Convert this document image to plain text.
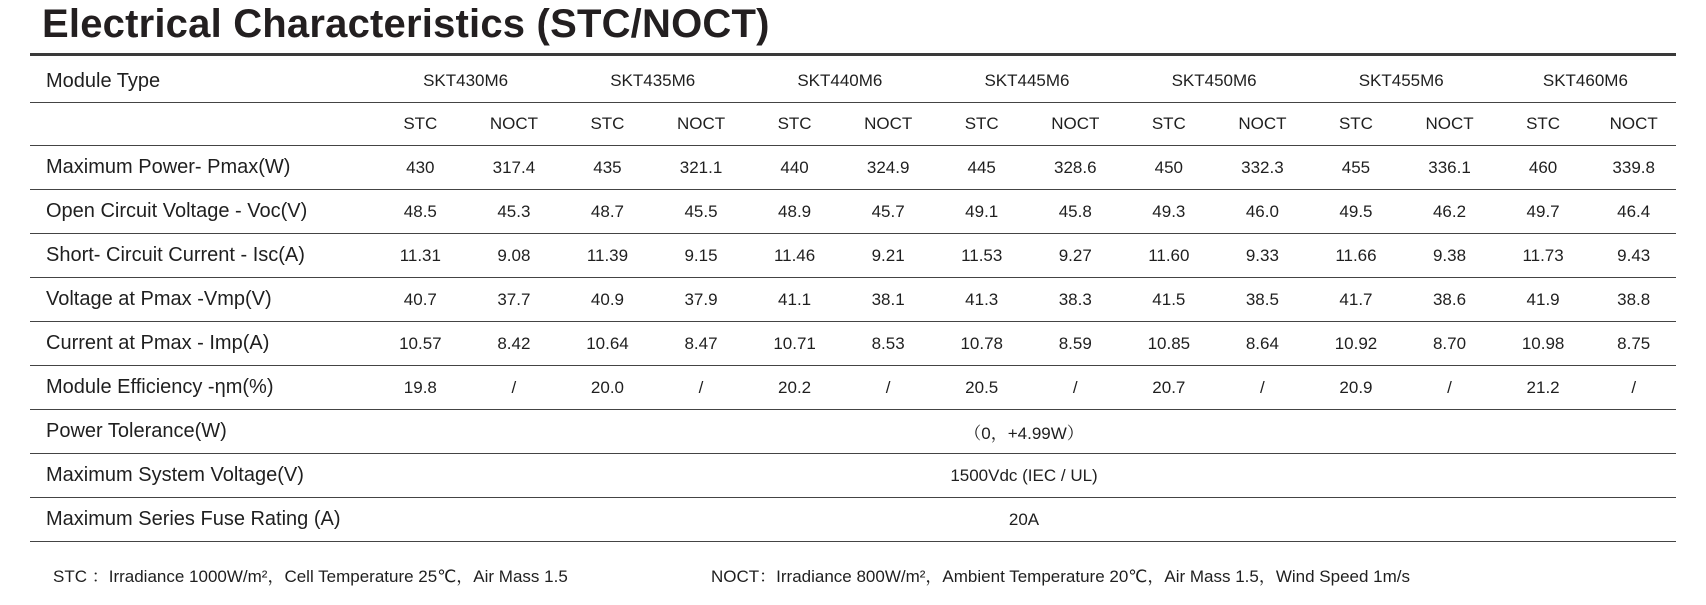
Electrical Characteristics (STC/NOCT)
Module Type	SKT430M6		SKT435M6		SKT440M6		SKT445M6		SKT450M6		SKT455M6		SKT460M6	
	STC	NOCT	STC	NOCT	STC	NOCT	STC	NOCT	STC	NOCT	STC	NOCT	STC	NOCT
Maximum Power- Pmax(W)	430	317.4	435	321.1	440	324.9	445	328.6	450	332.3	455	336.1	460	339.8
Open Circuit Voltage - Voc(V)	48.5	45.3	48.7	45.5	48.9	45.7	49.1	45.8	49.3	46.0	49.5	46.2	49.7	46.4
Short- Circuit Current - Isc(A)	11.31	9.08	11.39	9.15	11.46	9.21	11.53	9.27	11.60	9.33	11.66	9.38	11.73	9.43
Voltage at Pmax -Vmp(V)	40.7	37.7	40.9	37.9	41.1	38.1	41.3	38.3	41.5	38.5	41.7	38.6	41.9	38.8
Current at Pmax - Imp(A)	10.57	8.42	10.64	8.47	10.71	8.53	10.78	8.59	10.85	8.64	10.92	8.70	10.98	8.75
Module Efficiency -ηm(%)	19.8	/	20.0	/	20.2	/	20.5	/	20.7	/	20.9	/	21.2	/
Power Tolerance(W)	（0，+4.99W）													
Maximum System Voltage(V)	1500Vdc (IEC / UL)													
Maximum Series Fuse Rating (A)	20A													
STC ：Irradiance 1000W/m²，Cell Temperature 25℃，Air Mass 1.5	NOCT：Irradiance 800W/m²，Ambient Temperature 20℃，Air Mass 1.5，Wind Speed 1m/s
